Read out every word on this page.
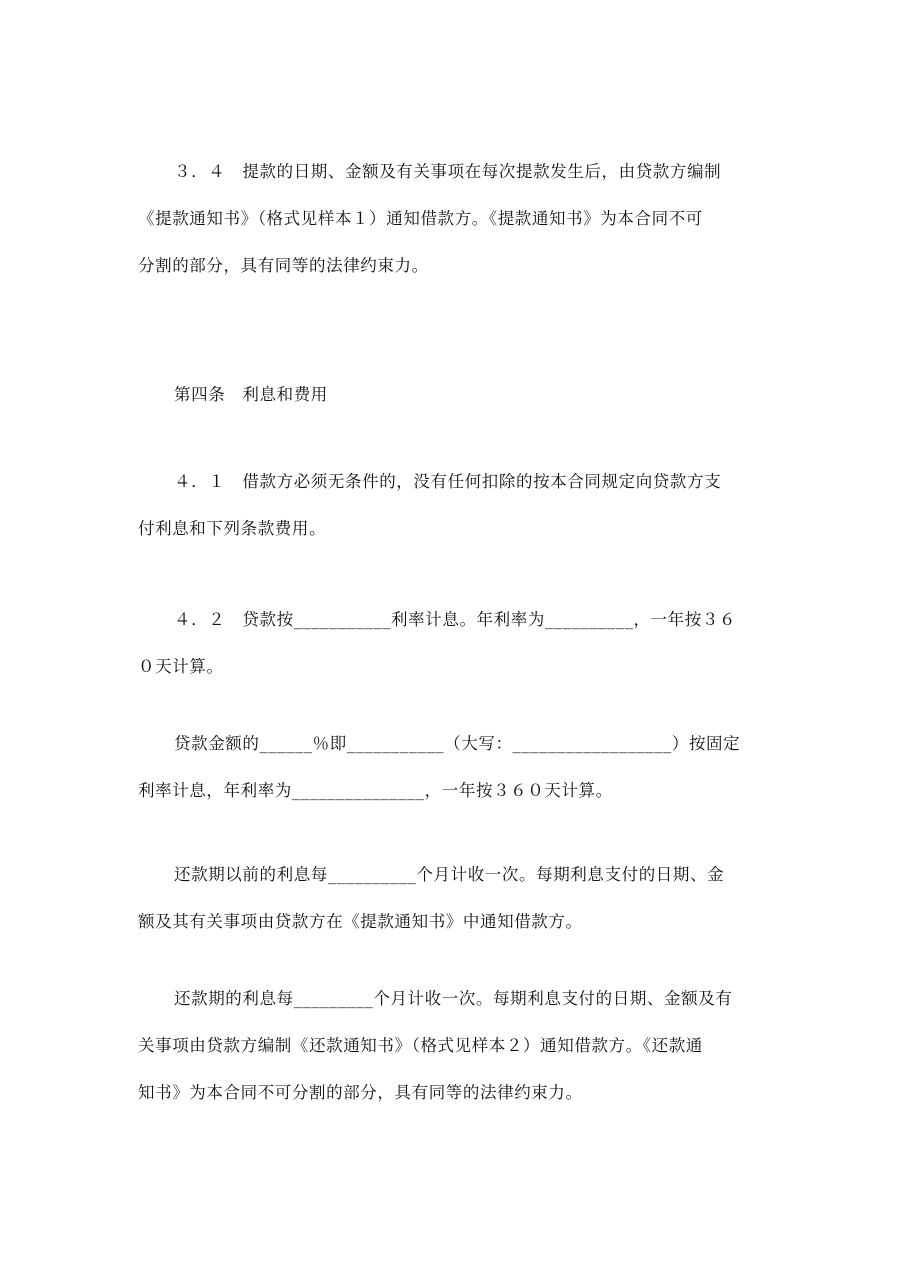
３．４　提款的日期、金额及有关事项在每次提款发生后，由贷款方编制
《提款通知书》（格式见样本１）通知借款方。《提款通知书》为本合同不可
分割的部分，具有同等的法律约束力。

第四条　利息和费用

４．１　借款方必须无条件的，没有任何扣除的按本合同规定向贷款方支
付利息和下列条款费用。

４．２　贷款按___________利率计息。年利率为__________，一年按３６
０天计算。

贷款金额的______％即___________（大写：__________________）按固定
利率计息，年利率为_______________，一年按３６０天计算。

还款期以前的利息每__________个月计收一次。每期利息支付的日期、金
额及其有关事项由贷款方在《提款通知书》中通知借款方。

还款期的利息每_________个月计收一次。每期利息支付的日期、金额及有
关事项由贷款方编制《还款通知书》（格式见样本２）通知借款方。《还款通
知书》为本合同不可分割的部分，具有同等的法律约束力。
